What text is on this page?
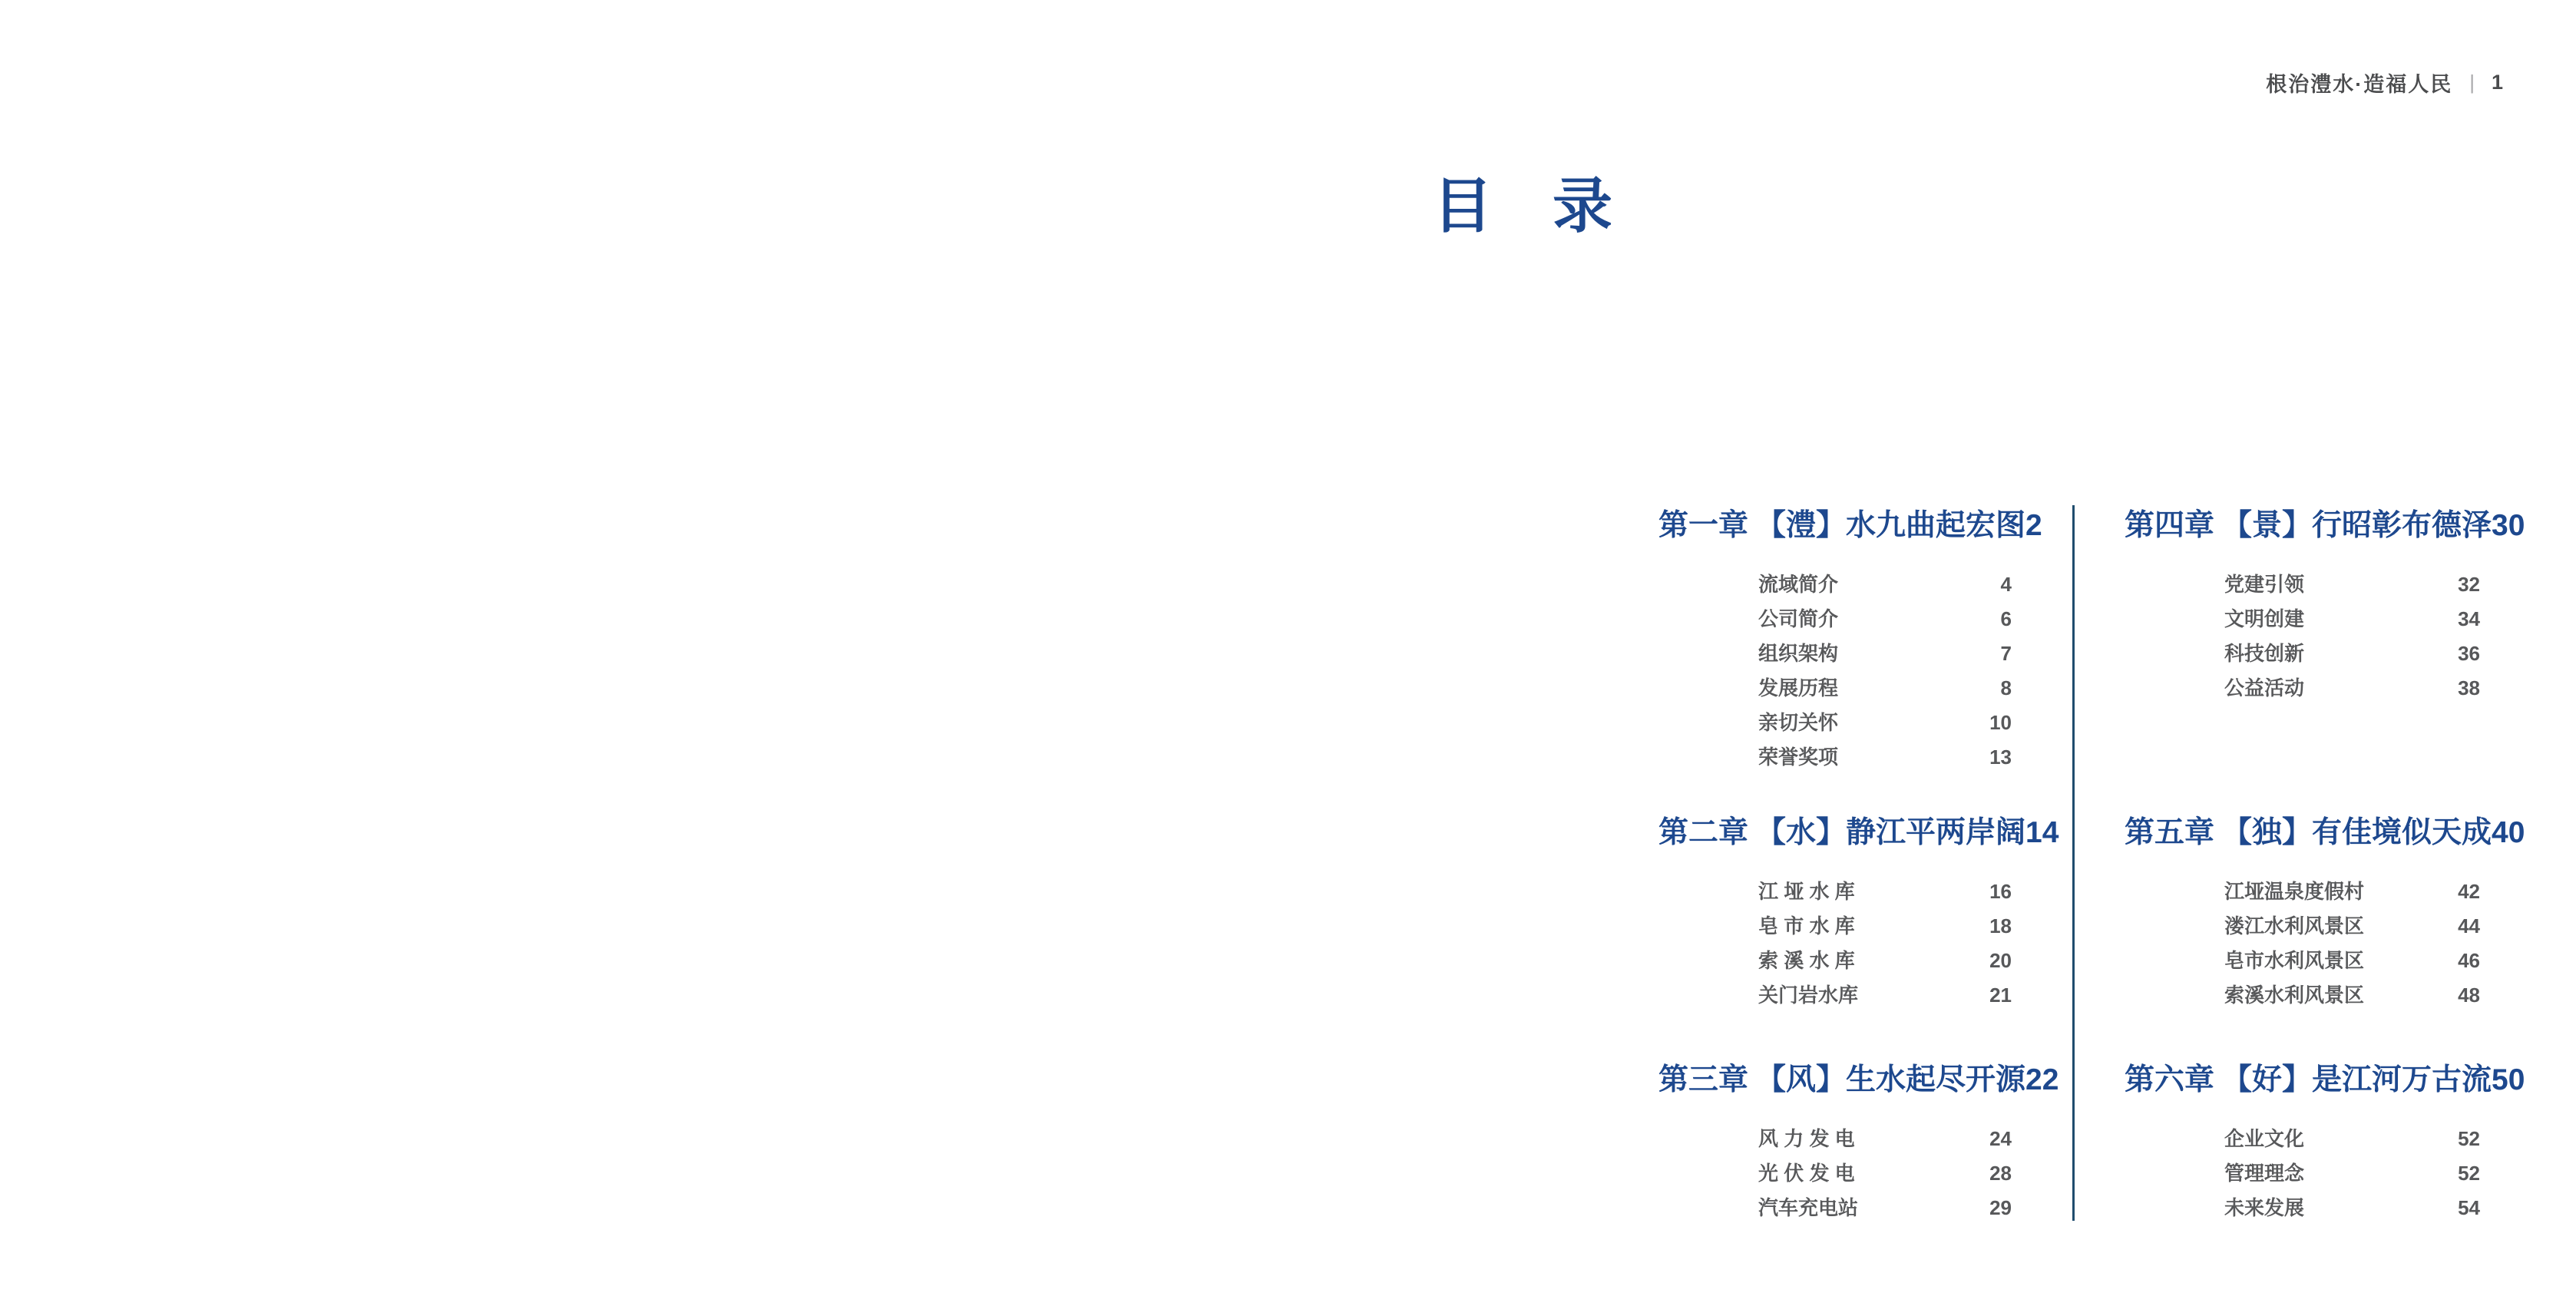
根治澧水·造福人民 | 1
目　录
第一章 【澧】水九曲起宏图 2
流域简介	4
公司简介	6
组织架构	7
发展历程	8
亲切关怀	10
荣誉奖项	13
第二章 【水】静江平两岸阔 14
江 垭 水 库	16
皂 市 水 库	18
索 溪 水 库	20
关门岩水库	21
第三章 【风】生水起尽开源 22
风 力 发 电	24
光 伏 发 电	28
汽车充电站	29
第四章 【景】行昭彰布德泽 30
党建引领	32
文明创建	34
科技创新	36
公益活动	38
第五章 【独】有佳境似天成 40
江垭温泉度假村	42
溇江水利风景区	44
皂市水利风景区	46
索溪水利风景区	48
第六章 【好】是江河万古流 50
企业文化	52
管理理念	52
未来发展	54
